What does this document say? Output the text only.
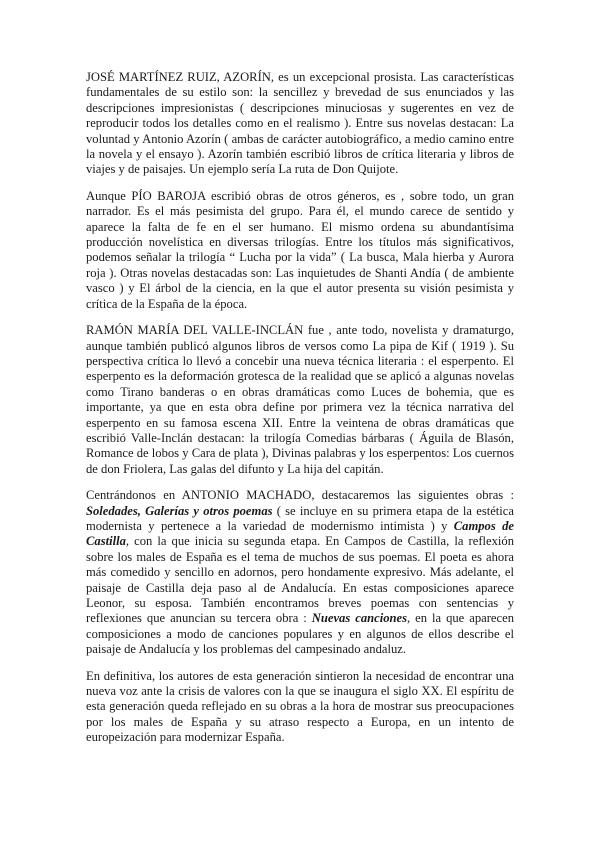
JOSÉ MARTÍNEZ RUIZ, AZORÍN, es un excepcional prosista. Las características fundamentales de su estilo son: la sencillez y brevedad de sus enunciados y las descripciones impresionistas ( descripciones minuciosas y sugerentes en vez de reproducir todos los detalles como en el realismo ). Entre sus novelas destacan: La voluntad y Antonio Azorín ( ambas de carácter autobiográfico, a medio camino entre la novela y el ensayo ). Azorín también escribió libros de crítica literaria y libros de viajes y de paisajes. Un ejemplo sería La ruta de Don Quijote.

Aunque PÍO BAROJA escribió obras de otros géneros, es , sobre todo, un gran narrador. Es el más pesimista del grupo. Para él, el mundo carece de sentido y aparece la falta de fe en el ser humano. El mismo ordena su abundantísima producción novelística en diversas trilogías. Entre los títulos más significativos, podemos señalar la trilogía “ Lucha por la vida” ( La busca, Mala hierba y Aurora roja ). Otras novelas destacadas son: Las inquietudes de Shanti Andía ( de ambiente vasco ) y El árbol de la ciencia, en la que el autor presenta su visión pesimista y crítica de la España de la época.

RAMÓN MARÍA DEL VALLE-INCLÁN fue , ante todo, novelista y dramaturgo, aunque también publicó algunos libros de versos como La pipa de Kif ( 1919 ). Su perspectiva crítica lo llevó a concebir una nueva técnica literaria : el esperpento. El esperpento es la deformación grotesca de la realidad que se aplicó a algunas novelas como Tirano banderas o en obras dramáticas como Luces de bohemia, que es importante, ya que en esta obra define por primera vez la técnica narrativa del esperpento en su famosa escena XII. Entre la veintena de obras dramáticas que escribió Valle-Inclán destacan: la trilogía Comedias bárbaras ( Águila de Blasón, Romance de lobos y Cara de plata ), Divinas palabras y los esperpentos: Los cuernos de don Friolera, Las galas del difunto y La hija del capitán.

Centrándonos en ANTONIO MACHADO, destacaremos las siguientes obras : Soledades, Galerías y otros poemas ( se incluye en su primera etapa de la estética modernista y pertenece a la variedad de modernismo intimista ) y Campos de Castilla, con la que inicia su segunda etapa. En Campos de Castilla, la reflexión sobre los males de España es el tema de muchos de sus poemas. El poeta es ahora más comedido y sencillo en adornos, pero hondamente expresivo. Más adelante, el paisaje de Castilla deja paso al de Andalucía. En estas composiciones aparece Leonor, su esposa. También encontramos breves poemas con sentencias y reflexiones que anuncian su tercera obra : Nuevas canciones, en la que aparecen composiciones a modo de canciones populares y en algunos de ellos describe el paisaje de Andalucía y los problemas del campesinado andaluz.

En definitiva, los autores de esta generación sintieron la necesidad de encontrar una nueva voz ante la crisis de valores con la que se inaugura el siglo XX. El espíritu de esta generación queda reflejado en su obras a la hora de mostrar sus preocupaciones por los males de España y su atraso respecto a Europa, en un intento de europeización para modernizar España.
